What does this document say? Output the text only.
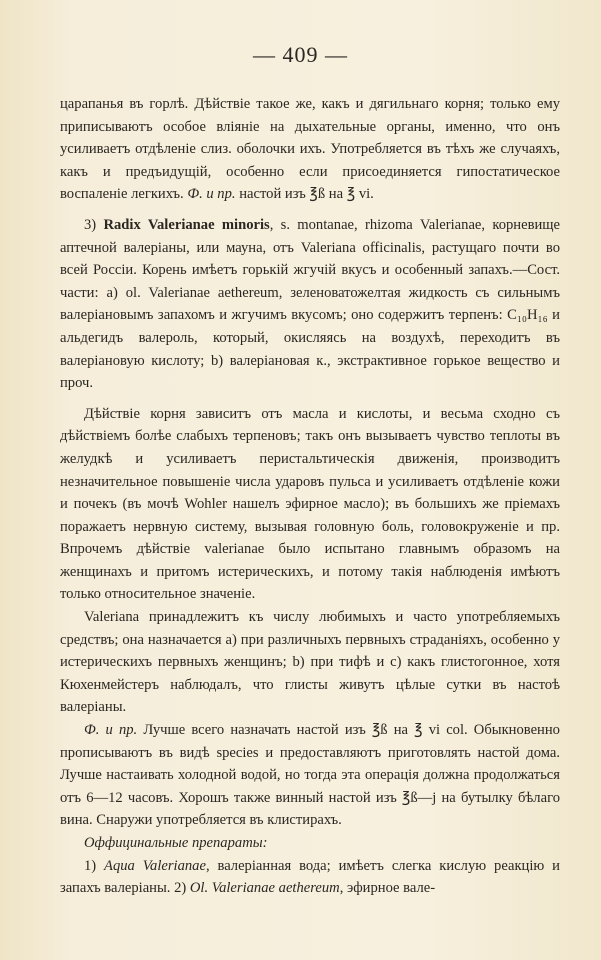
— 409 —

царапанья въ горлѣ. Дѣйствіе такое же, какъ и дягильнаго корня; только ему приписываютъ особое вліяніе на дыхательные органы, именно, что онъ усиливаетъ отдѣленіе слиз. оболочки ихъ. Употребляется въ тѣхъ же случаяхъ, какъ и предъидущій, особенно если присоединяется гипостатическое воспаленіе легкихъ. Ф. и пр. настой изъ ℥ß на ℥ vi.

3) Radix Valerianae minoris, s. montanae, rhizoma Valerianae, корневище аптечной валеріаны, или мауна, отъ Valeriana officinalis, растущаго почти во всей Россіи. Корень имѣетъ горькій жгучій вкусъ и особенный запахъ.—Сост. части: a) ol. Valerianae aethereum, зеленоватожелтая жидкость съ сильнымъ валеріановымъ запахомъ и жгучимъ вкусомъ; оно содержитъ терпенъ: C₁₀H₁₆ и альдегидъ валероль, который, окисляясь на воздухѣ, переходитъ въ валеріановую кислоту; b) валеріановая к., экстрактивное горькое вещество и проч.

Дѣйствіе корня зависитъ отъ масла и кислоты, и весьма сходно съ дѣйствіемъ болѣе слабыхъ терпеновъ; такъ онъ вызываетъ чувство теплоты въ желудкѣ и усиливаетъ перистальтическія движенія, производитъ незначительное повышеніе числа ударовъ пульса и усиливаетъ отдѣленіе кожи и почекъ (въ мочѣ Wohler нашелъ эфирное масло); въ большихъ же пріемахъ поражаетъ нервную систему, вызывая головную боль, головокруженіе и пр. Впрочемъ дѣйствіе valerianae было испытано главнымъ образомъ на женщинахъ и притомъ истерическихъ, и потому такія наблюденія имѣютъ только относительное значеніе.

Valeriana принадлежитъ къ числу любимыхъ и часто употребляемыхъ средствъ; она назначается a) при различныхъ первныхъ страданіяхъ, особенно у истерическихъ первныхъ женщинъ; b) при тифѣ и c) какъ глистогонное, хотя Кюхенмейстеръ наблюдалъ, что глисты живутъ цѣлые сутки въ настоѣ валеріаны.

Ф. и пр. Лучше всего назначать настой изъ ℥ß на ℥ vi col. Обыкновенно прописываютъ въ видѣ species и предоставляютъ приготовлять настой дома. Лучше настаивать холодной водой, но тогда эта операція должна продолжаться отъ 6—12 часовъ. Хорошъ также винный настой изъ ℥ß—j на бутылку бѣлаго вина. Снаружи употребляется въ клистирахъ.

Оффицинальные препараты:

1) Aqua Valerianae, валеріанная вода; имѣетъ слегка кислую реакцію и запахъ валеріаны. 2) Ol. Valerianae aethereum, эфирное вале-
